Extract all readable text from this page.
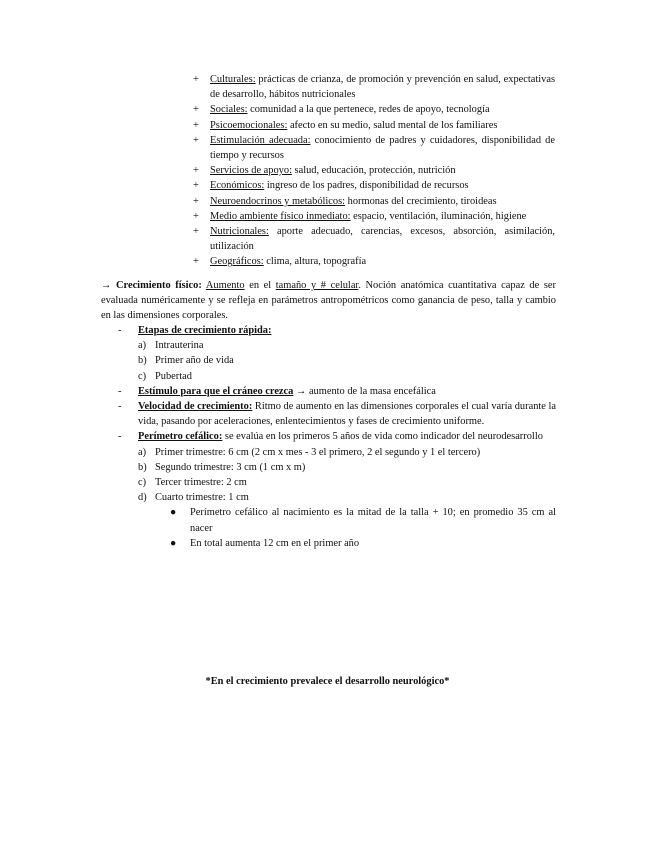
+ Culturales: prácticas de crianza, de promoción y prevención en salud, expectativas de desarrollo, hábitos nutricionales
+ Sociales: comunidad a la que pertenece, redes de apoyo, tecnología
+ Psicoemocionales: afecto en su medio, salud mental de los familiares
+ Estimulación adecuada: conocimiento de padres y cuidadores, disponibilidad de tiempo y recursos
+ Servicios de apoyo: salud, educación, protección, nutrición
+ Económicos: ingreso de los padres, disponibilidad de recursos
+ Neuroendocrinos y metabólicos: hormonas del crecimiento, tiroideas
+ Medio ambiente físico inmediato: espacio, ventilación, iluminación, higiene
+ Nutricionales: aporte adecuado, carencias, excesos, absorción, asimilación, utilización
+ Geográficos: clima, altura, topografía

→ Crecimiento físico: Aumento en el tamaño y # celular. Noción anatómica cuantitativa capaz de ser evaluada numéricamente y se refleja en parámetros antropométricos como ganancia de peso, talla y cambio en las dimensiones corporales.

- Etapas de crecimiento rápida:
a) Intrauterina
b) Primer año de vida
c) Pubertad
- Estímulo para que el cráneo crezca → aumento de la masa encefálica
- Velocidad de crecimiento: Ritmo de aumento en las dimensiones corporales el cual varía durante la vida, pasando por aceleraciones, enlentecimientos y fases de crecimiento uniforme.
- Perímetro cefálico: se evalúa en los primeros 5 años de vida como indicador del neurodesarrollo
a) Primer trimestre: 6 cm (2 cm x mes - 3 el primero, 2 el segundo y 1 el tercero)
b) Segundo trimestre: 3 cm (1 cm x m)
c) Tercer trimestre: 2 cm
d) Cuarto trimestre: 1 cm
● Perímetro cefálico al nacimiento es la mitad de la talla + 10; en promedio 35 cm al nacer
● En total aumenta 12 cm en el primer año

*En el crecimiento prevalece el desarrollo neurológico*
